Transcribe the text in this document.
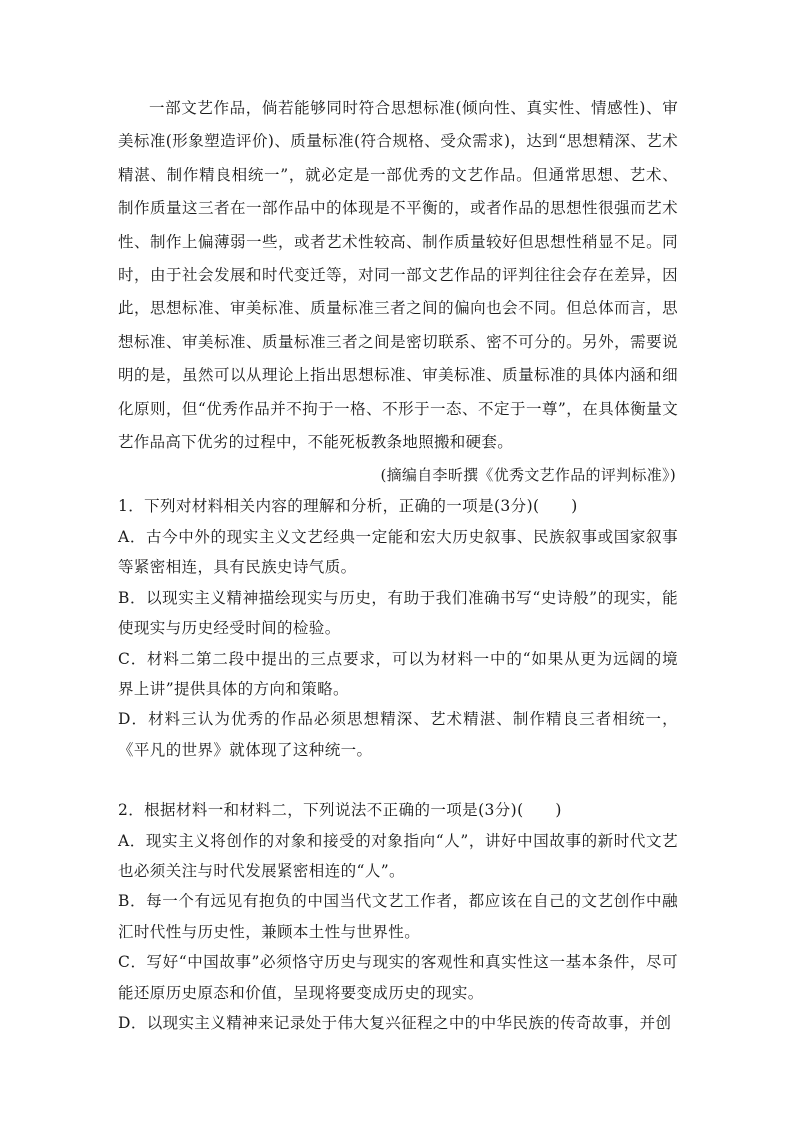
一部文艺作品，倘若能够同时符合思想标准(倾向性、真实性、情感性)、审美标准(形象塑造评价)、质量标准(符合规格、受众需求)，达到“思想精深、艺术精湛、制作精良相统一”，就必定是一部优秀的文艺作品。但通常思想、艺术、制作质量这三者在一部作品中的体现是不平衡的，或者作品的思想性很强而艺术性、制作上偏薄弱一些，或者艺术性较高、制作质量较好但思想性稍显不足。同时，由于社会发展和时代变迁等，对同一部文艺作品的评判往往会存在差异，因此，思想标准、审美标准、质量标准三者之间的偏向也会不同。但总体而言，思想标准、审美标准、质量标准三者之间是密切联系、密不可分的。另外，需要说明的是，虽然可以从理论上指出思想标准、审美标准、质量标准的具体内涵和细化原则，但“优秀作品并不拘于一格、不形于一态、不定于一尊”，在具体衡量文艺作品高下优劣的过程中，不能死板教条地照搬和硬套。

(摘编自李昕撰《优秀文艺作品的评判标准》)

1．下列对材料相关内容的理解和分析，正确的一项是(3分)(　　)

A．古今中外的现实主义文艺经典一定能和宏大历史叙事、民族叙事或国家叙事等紧密相连，具有民族史诗气质。

B．以现实主义精神描绘现实与历史，有助于我们准确书写“史诗般”的现实，能使现实与历史经受时间的检验。

C．材料二第二段中提出的三点要求，可以为材料一中的“如果从更为远阔的境界上讲”提供具体的方向和策略。

D．材料三认为优秀的作品必须思想精深、艺术精湛、制作精良三者相统一，《平凡的世界》就体现了这种统一。

2．根据材料一和材料二，下列说法不正确的一项是(3分)(　　)

A．现实主义将创作的对象和接受的对象指向“人”，讲好中国故事的新时代文艺也必须关注与时代发展紧密相连的“人”。

B．每一个有远见有抱负的中国当代文艺工作者，都应该在自己的文艺创作中融汇时代性与历史性，兼顾本土性与世界性。

C．写好“中国故事”必须恪守历史与现实的客观性和真实性这一基本条件，尽可能还原历史原态和价值，呈现将要变成历史的现实。

D．以现实主义精神来记录处于伟大复兴征程之中的中华民族的传奇故事，并创
